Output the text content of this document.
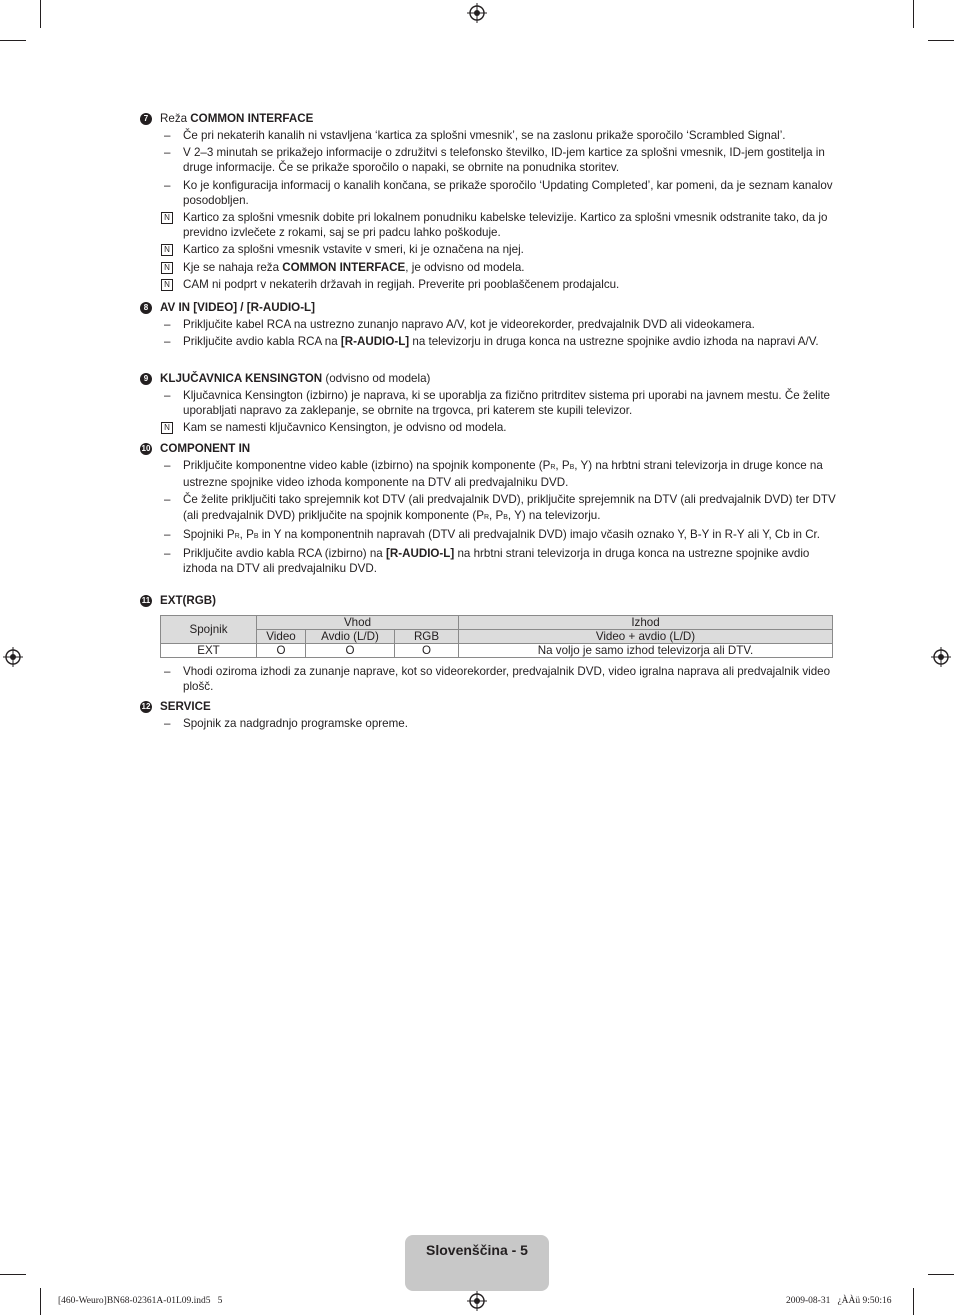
7	Reža COMMON INTERFACE
– Če pri nekaterih kanalih ni vstavljena ‘kartica za splošni vmesnik’, se na zaslonu prikaže sporočilo ‘Scrambled Signal’.
– V 2–3 minutah se prikažejo informacije o združitvi s telefonsko številko, ID-jem kartice za splošni vmesnik, ID-jem gostitelja in druge informacije. Če se prikaže sporočilo o napaki, se obrnite na ponudnika storitev.
– Ko je konfiguracija informacij o kanalih končana, se prikaže sporočilo ‘Updating Completed’, kar pomeni, da je seznam kanalov posodobljen.
N Kartico za splošni vmesnik dobite pri lokalnem ponudniku kabelske televizije. Kartico za splošni vmesnik odstranite tako, da jo previdno izvlečete z rokami, saj se pri padcu lahko poškoduje.
N Kartico za splošni vmesnik vstavite v smeri, ki je označena na njej.
N Kje se nahaja reža COMMON INTERFACE, je odvisno od modela.
N CAM ni podprt v nekaterih državah in regijah. Preverite pri pooblaščenem prodajalcu.
8	AV IN [VIDEO] / [R-AUDIO-L]
– Priključite kabel RCA na ustrezno zunanjo napravo A/V, kot je videorekorder, predvajalnik DVD ali videokamera.
– Priključite avdio kabla RCA na [R-AUDIO-L] na televizorju in druga konca na ustrezne spojnike avdio izhoda na napravi A/V.
9	KLJUČAVNICA KENSINGTON (odvisno od modela)
– Ključavnica Kensington (izbirno) je naprava, ki se uporablja za fizično pritrditev sistema pri uporabi na javnem mestu. Če želite uporabljati napravo za zaklepanje, se obrnite na trgovca, pri katerem ste kupili televizor.
N Kam se namesti ključavnico Kensington, je odvisno od modela.
10 COMPONENT IN
– Priključite komponentne video kable (izbirno) na spojnik komponente (PR, PB, Y) na hrbtni strani televizorja in druge konce na ustrezne spojnike video izhoda komponente na DTV ali predvajalniku DVD.
– Če želite priključiti tako sprejemnik kot DTV (ali predvajalnik DVD), priključite sprejemnik na DTV (ali predvajalnik DVD) ter DTV (ali predvajalnik DVD) priključite na spojnik komponente (PR, PB, Y) na televizorju.
– Spojniki PR, PB in Y na komponentnih napravah (DTV ali predvajalnik DVD) imajo včasih oznako Y, B-Y in R-Y ali Y, Cb in Cr.
– Priključite avdio kabla RCA (izbirno) na [R-AUDIO-L] na hrbtni strani televizorja in druga konca na ustrezne spojnike avdio izhoda na DTV ali predvajalniku DVD.
11 EXT(RGB)
Spojnik	Vhod			Izhod
	Video	Avdio (L/D)	RGB	Video + avdio (L/D)
EXT	O	O	O	Na voljo je samo izhod televizorja ali DTV.
– Vhodi oziroma izhodi za zunanje naprave, kot so videorekorder, predvajalnik DVD, video igralna naprava ali predvajalnik video plošč.
12 SERVICE
– Spojnik za nadgradnjo programske opreme.
Slovenščina - 5
[460-Weuro]BN68-02361A-01L09.ind5   5	2009-08-31   ¿ÀÀü 9:50:16
